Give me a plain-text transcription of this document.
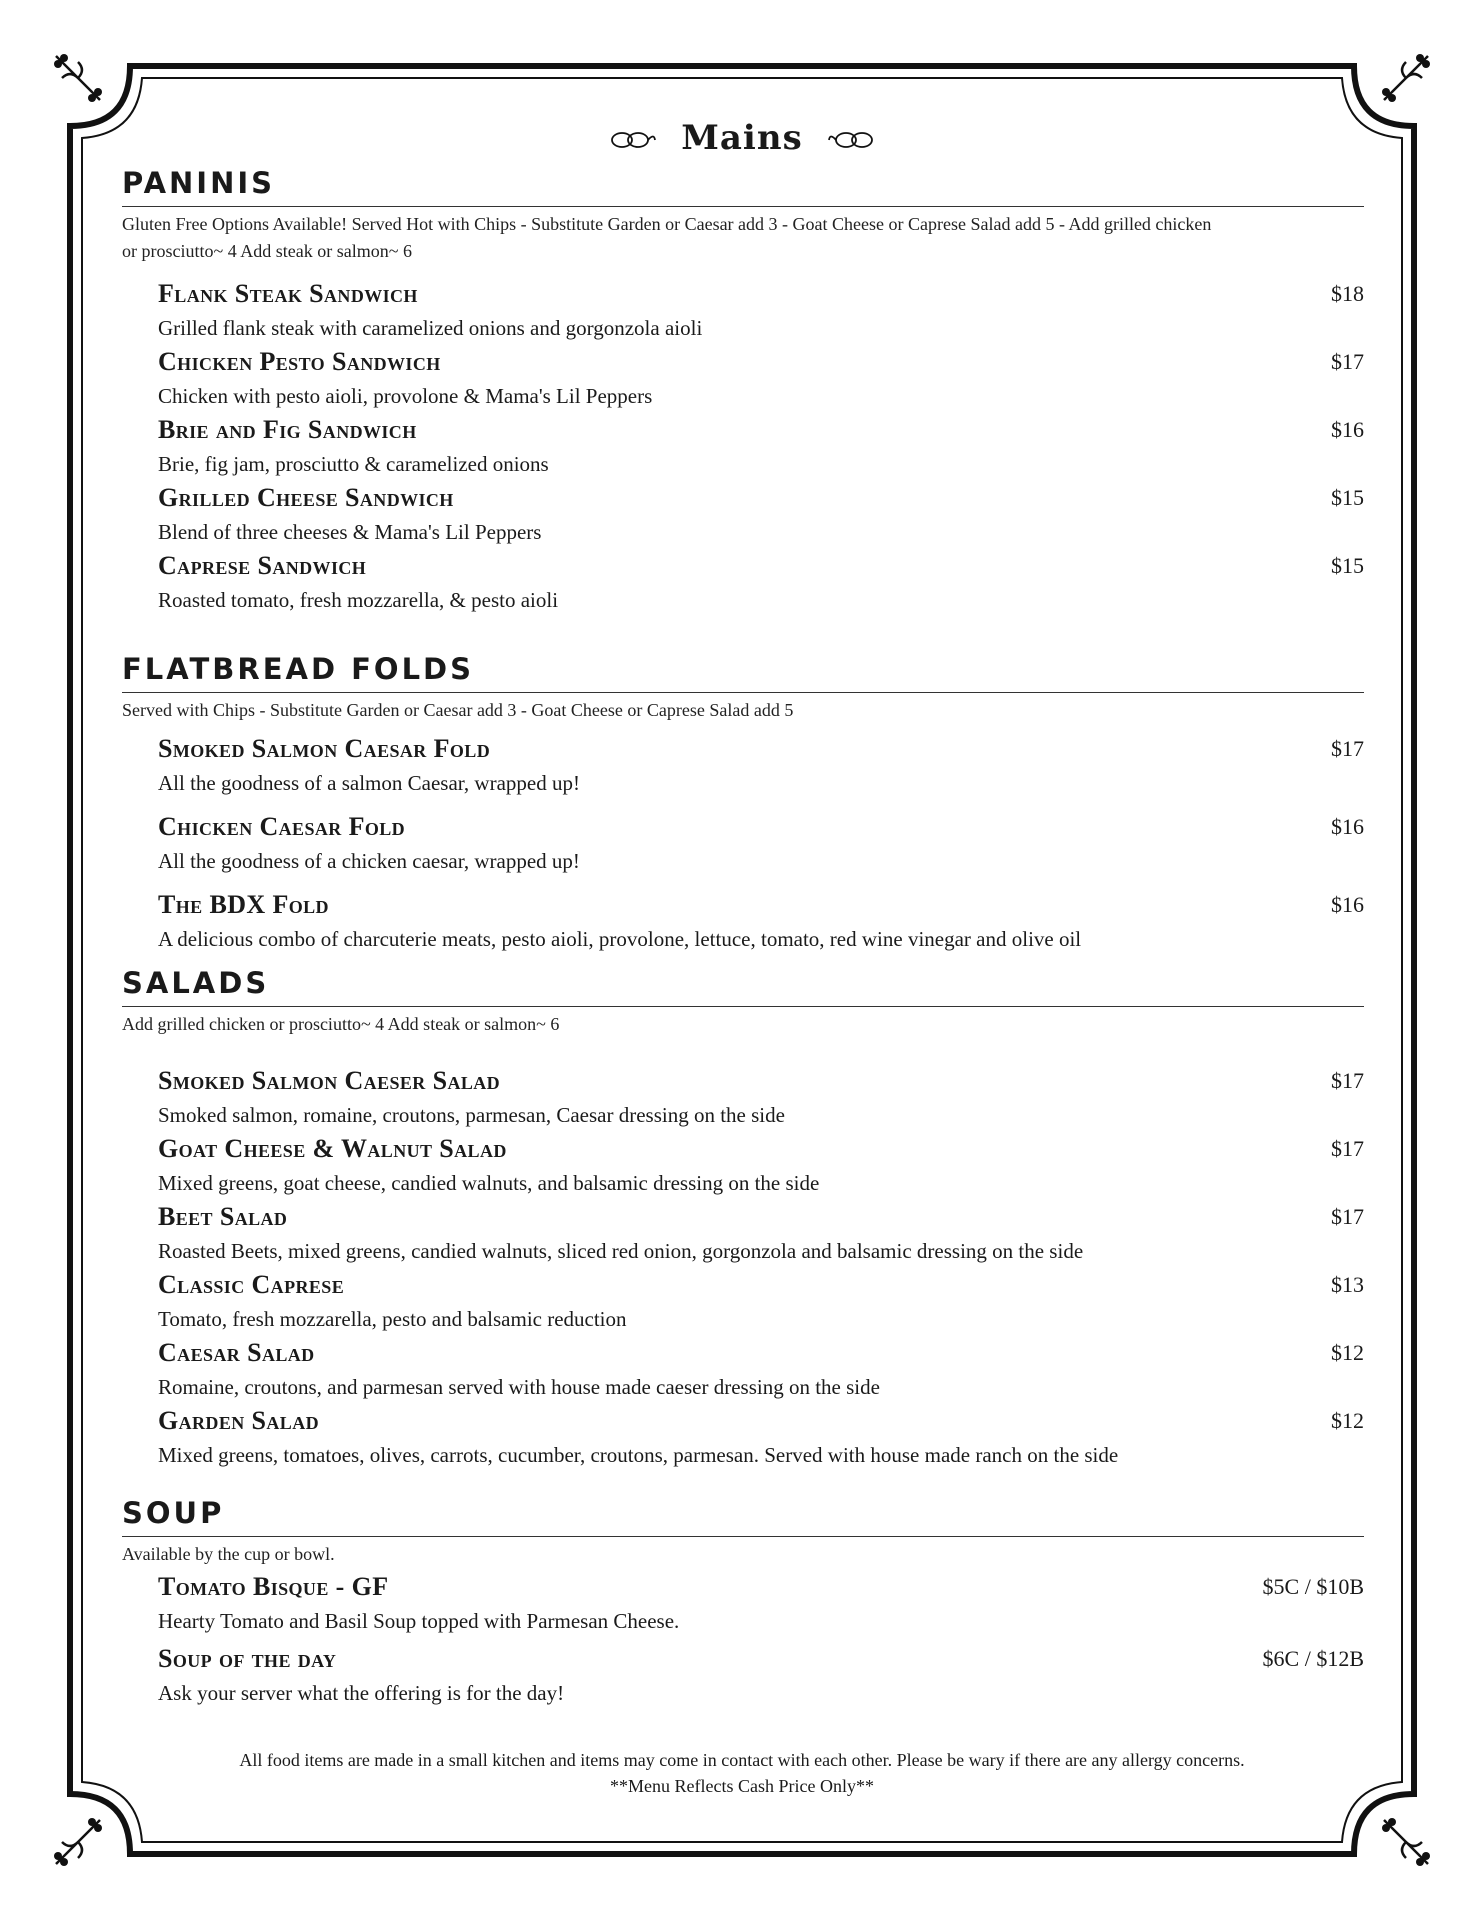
Mains
PANINIS
Gluten Free Options Available! Served Hot with Chips - Substitute Garden or Caesar add 3 - Goat Cheese or Caprese Salad add 5 - Add grilled chicken or prosciutto~ 4 Add steak or salmon~ 6
Flank Steak Sandwich	$18
Grilled flank steak with caramelized onions and gorgonzola aioli
Chicken Pesto Sandwich	$17
Chicken with pesto aioli, provolone & Mama's Lil Peppers
Brie and Fig Sandwich	$16
Brie, fig jam, prosciutto & caramelized onions
Grilled Cheese Sandwich	$15
Blend of three cheeses & Mama's Lil Peppers
Caprese Sandwich	$15
Roasted tomato, fresh mozzarella, & pesto aioli
FLATBREAD FOLDS
Served with Chips - Substitute Garden or Caesar add 3 - Goat Cheese or Caprese Salad add 5
Smoked Salmon Caesar Fold	$17
All the goodness of a salmon Caesar, wrapped up!
Chicken Caesar Fold	$16
All the goodness of a chicken caesar, wrapped up!
The BDX Fold	$16
A delicious combo of charcuterie meats, pesto aioli, provolone, lettuce, tomato, red wine vinegar and olive oil
SALADS
Add grilled chicken or prosciutto~ 4 Add steak or salmon~ 6
Smoked Salmon Caeser Salad	$17
Smoked salmon, romaine, croutons, parmesan, Caesar dressing on the side
Goat Cheese & Walnut Salad	$17
Mixed greens, goat cheese, candied walnuts, and balsamic dressing on the side
Beet Salad	$17
Roasted Beets, mixed greens, candied walnuts, sliced red onion, gorgonzola and balsamic dressing on the side
Classic Caprese	$13
Tomato, fresh mozzarella, pesto and balsamic reduction
Caesar Salad	$12
Romaine, croutons, and parmesan served with house made caeser dressing on the side
Garden Salad	$12
Mixed greens, tomatoes, olives, carrots, cucumber, croutons, parmesan. Served with house made ranch on the side
SOUP
Available by the cup or bowl.
Tomato Bisque - GF	$5C / $10B
Hearty Tomato and Basil Soup topped with Parmesan Cheese.
Soup of the day	$6C / $12B
Ask your server what the offering is for the day!
All food items are made in a small kitchen and items may come in contact with each other. Please be wary if there are any allergy concerns.
**Menu Reflects Cash Price Only**
